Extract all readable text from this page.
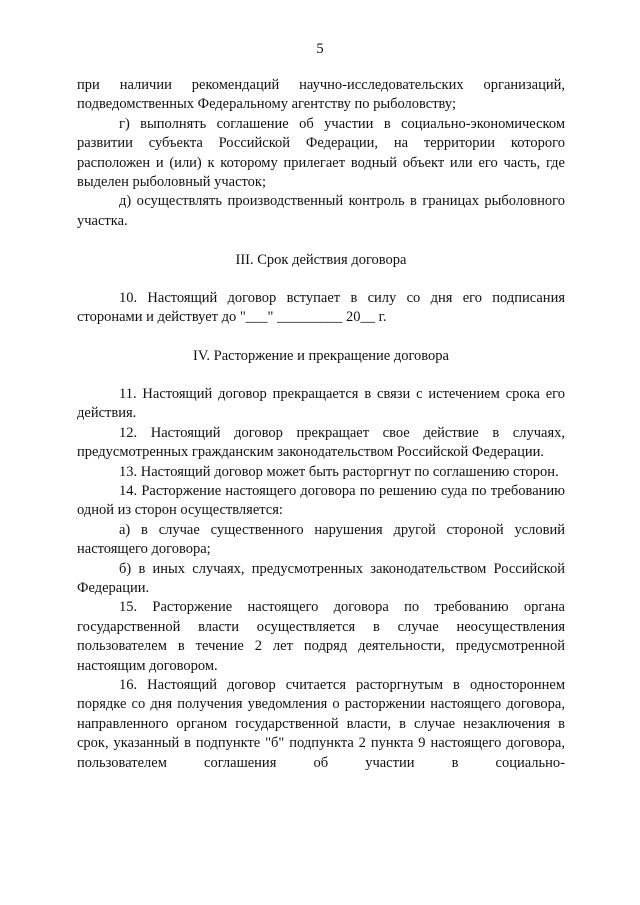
5

при наличии рекомендаций научно-исследовательских организаций, подведомственных Федеральному агентству по рыболовству;

г) выполнять соглашение об участии в социально-экономическом развитии субъекта Российской Федерации, на территории которого расположен и (или) к которому прилегает водный объект или его часть, где выделен рыболовный участок;

д) осуществлять производственный контроль в границах рыболовного участка.

III. Срок действия договора

10. Настоящий договор вступает в силу со дня его подписания сторонами и действует до "___" _________ 20__ г.

IV. Расторжение и прекращение договора

11. Настоящий договор прекращается в связи с истечением срока его действия.

12. Настоящий договор прекращает свое действие в случаях, предусмотренных гражданским законодательством Российской Федерации.

13. Настоящий договор может быть расторгнут по соглашению сторон.

14. Расторжение настоящего договора по решению суда по требованию одной из сторон осуществляется:

а) в случае существенного нарушения другой стороной условий настоящего договора;

б) в иных случаях, предусмотренных законодательством Российской Федерации.

15. Расторжение настоящего договора по требованию органа государственной власти осуществляется в случае неосуществления пользователем в течение 2 лет подряд деятельности, предусмотренной настоящим договором.

16. Настоящий договор считается расторгнутым в одностороннем порядке со дня получения уведомления о расторжении настоящего договора, направленного органом государственной власти, в случае незаключения в срок, указанный в подпункте "б" подпункта 2 пункта 9 настоящего договора, пользователем соглашения об участии в социально-
